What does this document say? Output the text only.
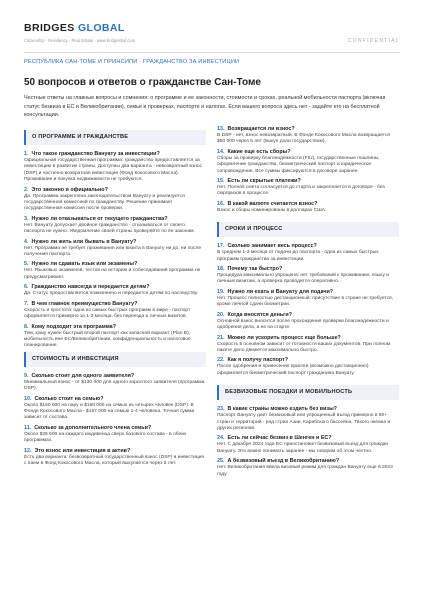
BRIDGES GLOBAL
Citizenship · Residency · Real Estate · www.bridgesbal.com	CONFIDENTIAL
РЕСПУБЛИКА САН-ТОМЕ И ПРИНСИПИ · ГРАЖДАНСТВО ЗА ИНВЕСТИЦИИ
50 вопросов и ответов о гражданстве Сан-Томе
Честные ответы на главные вопросы и сомнения: о программе и ее законности, стоимости и сроках, реальной мобильности паспорта (включая статус безвиза в ЕС и Великобритании), семье и проверках, паспорте и налогах. Если вашего вопроса здесь нет - задайте его на бесплатной консультации.
О ПРОГРАММЕ И ГРАЖДАНСТВЕ
1. Что такое гражданство Вануату за инвестиции?
Официальная государственная программа: гражданство предоставляется за инвестицию в развитие страны. Доступны два варианта - невозвратный взнос (DSP) и частично возвратная инвестиция (Фонд Кокосового Масла). Проживание и покупка недвижимости не требуются.
2. Это законно и официально?
Да. Программа закреплена законодательством Вануату и реализуется государственной комиссией по гражданству. Решение принимает государственная комиссия после проверки.
3. Нужно ли отказываться от текущего гражданства?
Нет. Вануату допускает двойное гражданство - отказываться от своего паспорта не нужно. Уведомление своей страны проверяйте по ее законам.
4. Нужно ли жить или бывать в Вануату?
Нет. Программа не требует проживания или визита в Вануату ни до, ни после получения паспорта.
5. Нужно ли сдавать язык или экзамены?
Нет. Языковых экзаменов, тестов на историю и собеседований программа не предусматривает.
6. Гражданство навсегда и передается детям?
Да. Статус предоставляется пожизненно и передается детям по наследству.
7. В чем главное преимущество Вануату?
Скорость и простота: одна из самых быстрых программ в мире - паспорт оформляется примерно за 1-3 месяца, без переезда и личных визитов.
8. Кому подходит эта программа?
Тем, кому нужен быстрый второй паспорт как запасной вариант (Plan B), мобильность вне ЕС/Великобритании, конфиденциальность и налоговое планирование.
СТОИМОСТЬ И ИНВЕСТИЦИЯ
9. Сколько стоит для одного заявителя?
Минимальный взнос - от $130 000 для одного взрослого заявителя (программа DSP).
10. Сколько стоит на семью?
Около $150 000 на пару и $180 000 на семью из четырех человек (DSP). В Фонде Кокосового Масла - $157 000 на семью 1-4 человека. Точная сумма зависит от состава.
11. Сколько за дополнительного члена семьи?
Около $26 500 на каждого иждивенца сверх базового состава - в обеих программах.
12. Это взнос или инвестиция в актив?
Есть два варианта: безвозвратный государственный взнос (DSP) и инвестиция с паем в Фонд Кокосового Масла, который выкупается через 5 лет.
13. Возвращается ли взнос?
В DSP - нет, взнос невозвратный. В Фонде Кокосового Масла возвращается $50 000 через 5 лет (выкуп доли государством).
14. Какие еще есть сборы?
Сборы за проверку благонадежности (FIU), государственные пошлины, оформление гражданства, биометрический паспорт и юридическое сопровождение. Все суммы фиксируются в договоре заранее.
15. Есть ли скрытые платежи?
Нет. Полная смета согласуется до старта и закрепляется в договоре - без сюрпризов в процессе.
16. В какой валюте считается взнос?
Взнос и сборы номинированы в долларах США.
СРОКИ И ПРОЦЕСС
17. Сколько занимает весь процесс?
В среднем 1-3 месяца от подачи до паспорта - одна из самых быстрых программ гражданства за инвестиции.
18. Почему так быстро?
Процедура максимально упрощена: нет требований к проживанию, языку и личным визитам, а проверка проводится оперативно.
19. Нужно ли ехать в Вануату для подачи?
Нет. Процесс полностью дистанционный; присутствие в стране не требуется, кроме личной сдачи биометрии.
20. Когда вносятся деньги?
Основной взнос вносится после прохождения проверки благонадежности и одобрения дела, а не на старте.
21. Можно ли ускорить процесс еще больше?
Скорость в основном зависит от готовности ваших документов. При полном пакете дело движется максимально быстро.
22. Как я получу паспорт?
После одобрения и принесения присяги (возможно дистанционно) оформляется биометрический паспорт гражданина Вануату.
БЕЗВИЗОВЫЕ ПОЕЗДКИ И МОБИЛЬНОСТЬ
23. В какие страны можно ездить без визы?
Паспорт Вануату дает безвизовый или упрощенный въезд примерно в 90+ стран и территорий - ряд стран Азии, Карибского бассейна, Тихого океана и других регионов.
24. Есть ли сейчас безвиз в Шенген и ЕС?
Нет. С декабря 2024 года ЕС приостановил безвизовый въезд для граждан Вануату. Это важно понимать заранее - мы говорим об этом честно.
25. А безвизовый въезд в Великобританию?
Нет. Великобритания ввела визовый режим для граждан Вануату еще в 2023 году.
